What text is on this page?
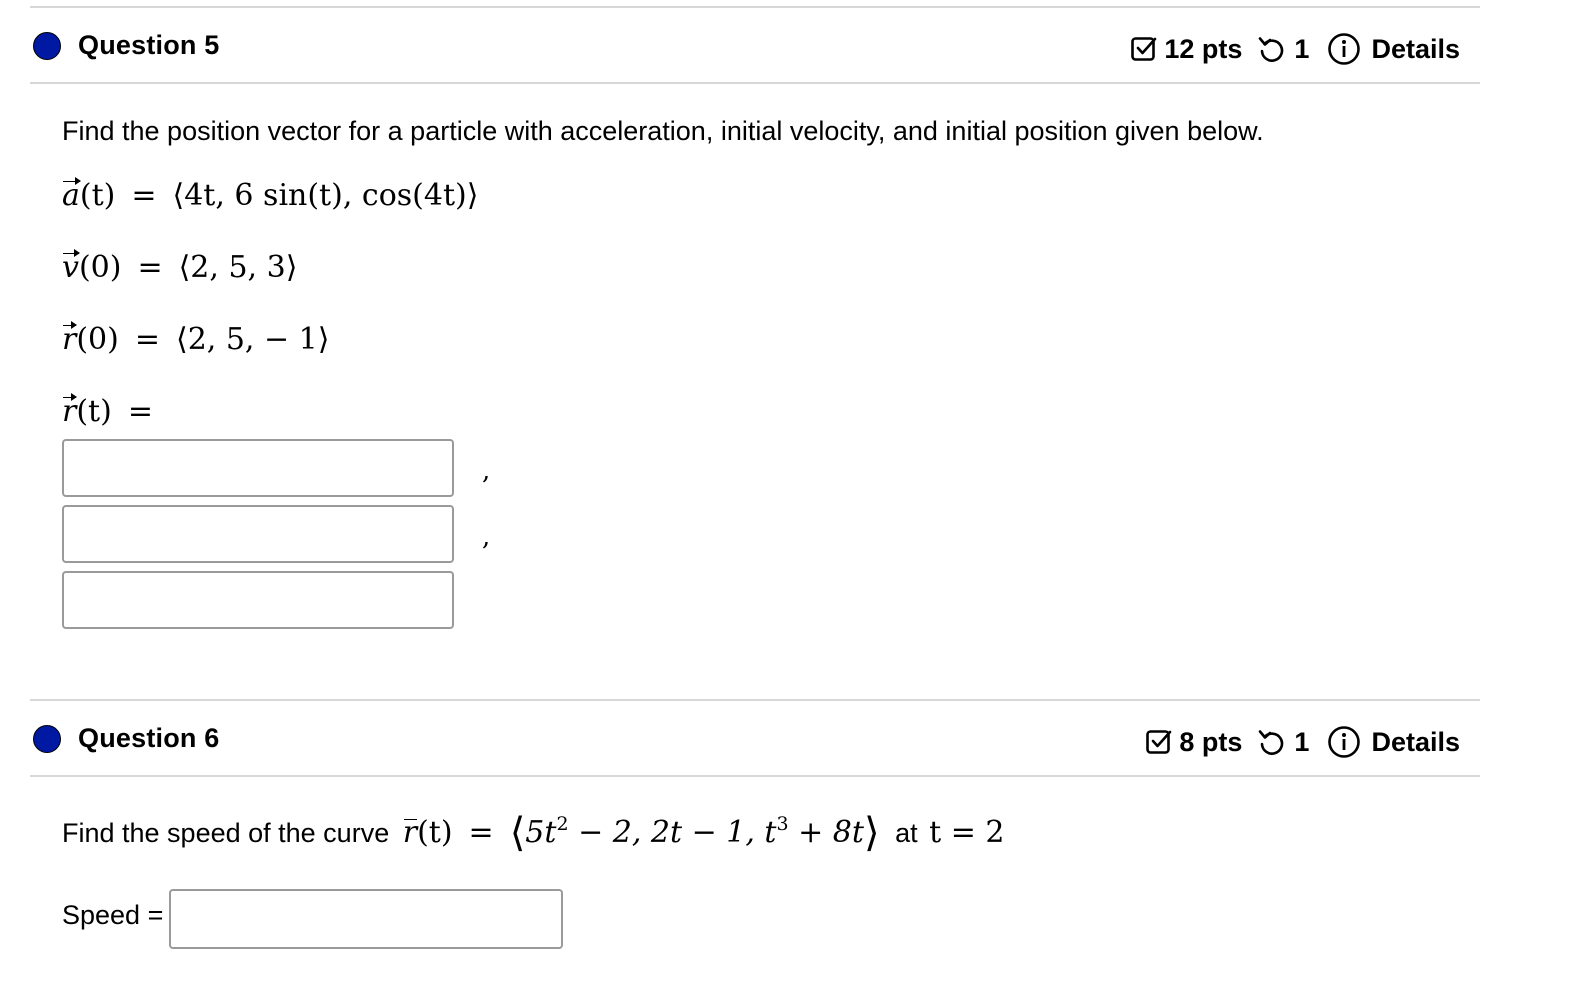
Question 5	12 pts 1 Details
Find the position vector for a particle with acceleration, initial velocity, and initial position given below.
a(t) = ⟨4t, 6 sin(t), cos(4t)⟩
v(0) = ⟨2, 5, 3⟩
r(0) = ⟨2, 5, − 1⟩
r(t) =
,
,
Question 6	8 pts 1 Details
Find the speed of the curve $r(t) = ⟨5t^2 - 2$, 2t − 1, $t^3$ + 8t⟩ at t = 2
Speed =
